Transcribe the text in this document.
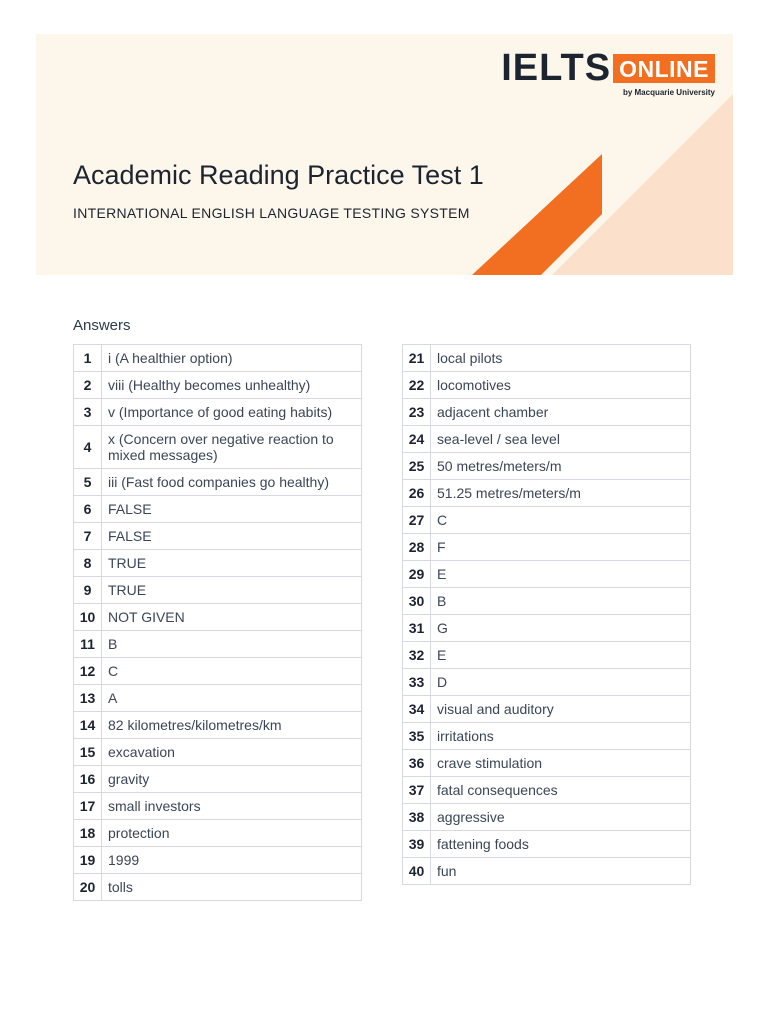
IELTS ONLINE
by Macquarie University
Academic Reading Practice Test 1
INTERNATIONAL ENGLISH LANGUAGE TESTING SYSTEM
Answers
1	i (A healthier option)
2	viii (Healthy becomes unhealthy)
3	v (Importance of good eating habits)
4	x (Concern over negative reaction to mixed messages)
5	iii (Fast food companies go healthy)
6	FALSE
7	FALSE
8	TRUE
9	TRUE
10	NOT GIVEN
11	B
12	C
13	A
14	82 kilometres/kilometres/km
15	excavation
16	gravity
17	small investors
18	protection
19	1999
20	tolls
21	local pilots
22	locomotives
23	adjacent chamber
24	sea-level / sea level
25	50 metres/meters/m
26	51.25 metres/meters/m
27	C
28	F
29	E
30	B
31	G
32	E
33	D
34	visual and auditory
35	irritations
36	crave stimulation
37	fatal consequences
38	aggressive
39	fattening foods
40	fun
